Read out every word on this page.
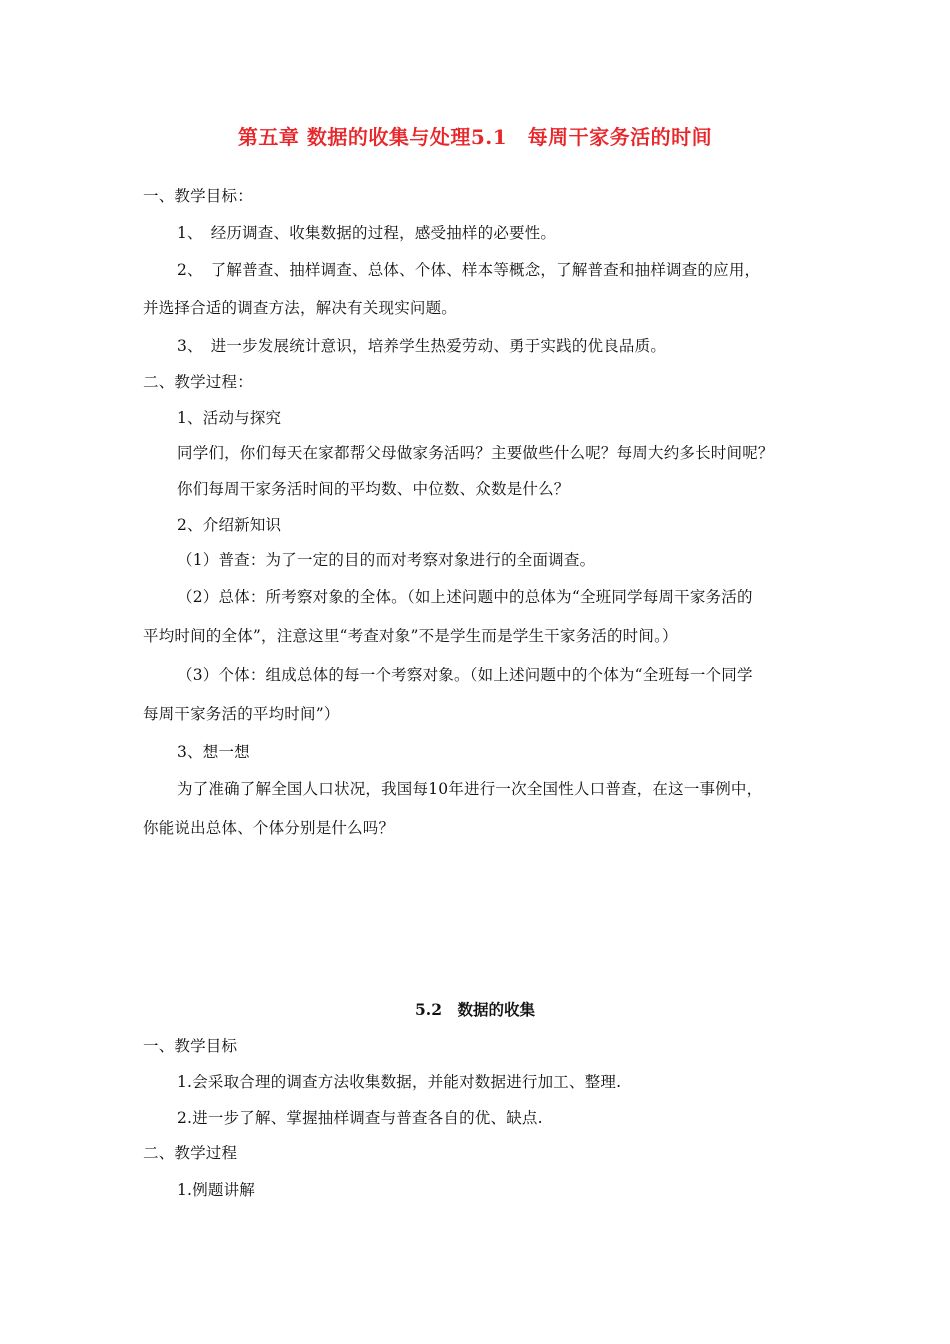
第五章 数据的收集与处理5.1　每周干家务活的时间
一、教学目标：
1、　经历调查、收集数据的过程，感受抽样的必要性。
2、　了解普查、抽样调查、总体、个体、样本等概念，了解普查和抽样调查的应用，
并选择合适的调查方法，解决有关现实问题。
3、　进一步发展统计意识，培养学生热爱劳动、勇于实践的优良品质。
二、教学过程：
1、活动与探究
同学们，你们每天在家都帮父母做家务活吗？主要做些什么呢？每周大约多长时间呢？
你们每周干家务活时间的平均数、中位数、众数是什么？
2、介绍新知识
（1）普查：为了一定的目的而对考察对象进行的全面调查。
（2）总体：所考察对象的全体。（如上述问题中的总体为“全班同学每周干家务活的
平均时间的全体”，注意这里“考查对象”不是学生而是学生干家务活的时间。）
（3）个体：组成总体的每一个考察对象。（如上述问题中的个体为“全班每一个同学
每周干家务活的平均时间”）
3、想一想
为了准确了解全国人口状况，我国每10年进行一次全国性人口普查，在这一事例中，
你能说出总体、个体分别是什么吗？
5.2　数据的收集
一、教学目标
1.会采取合理的调查方法收集数据，并能对数据进行加工、整理.
2.进一步了解、掌握抽样调查与普查各自的优、缺点.
二、教学过程
1.例题讲解
